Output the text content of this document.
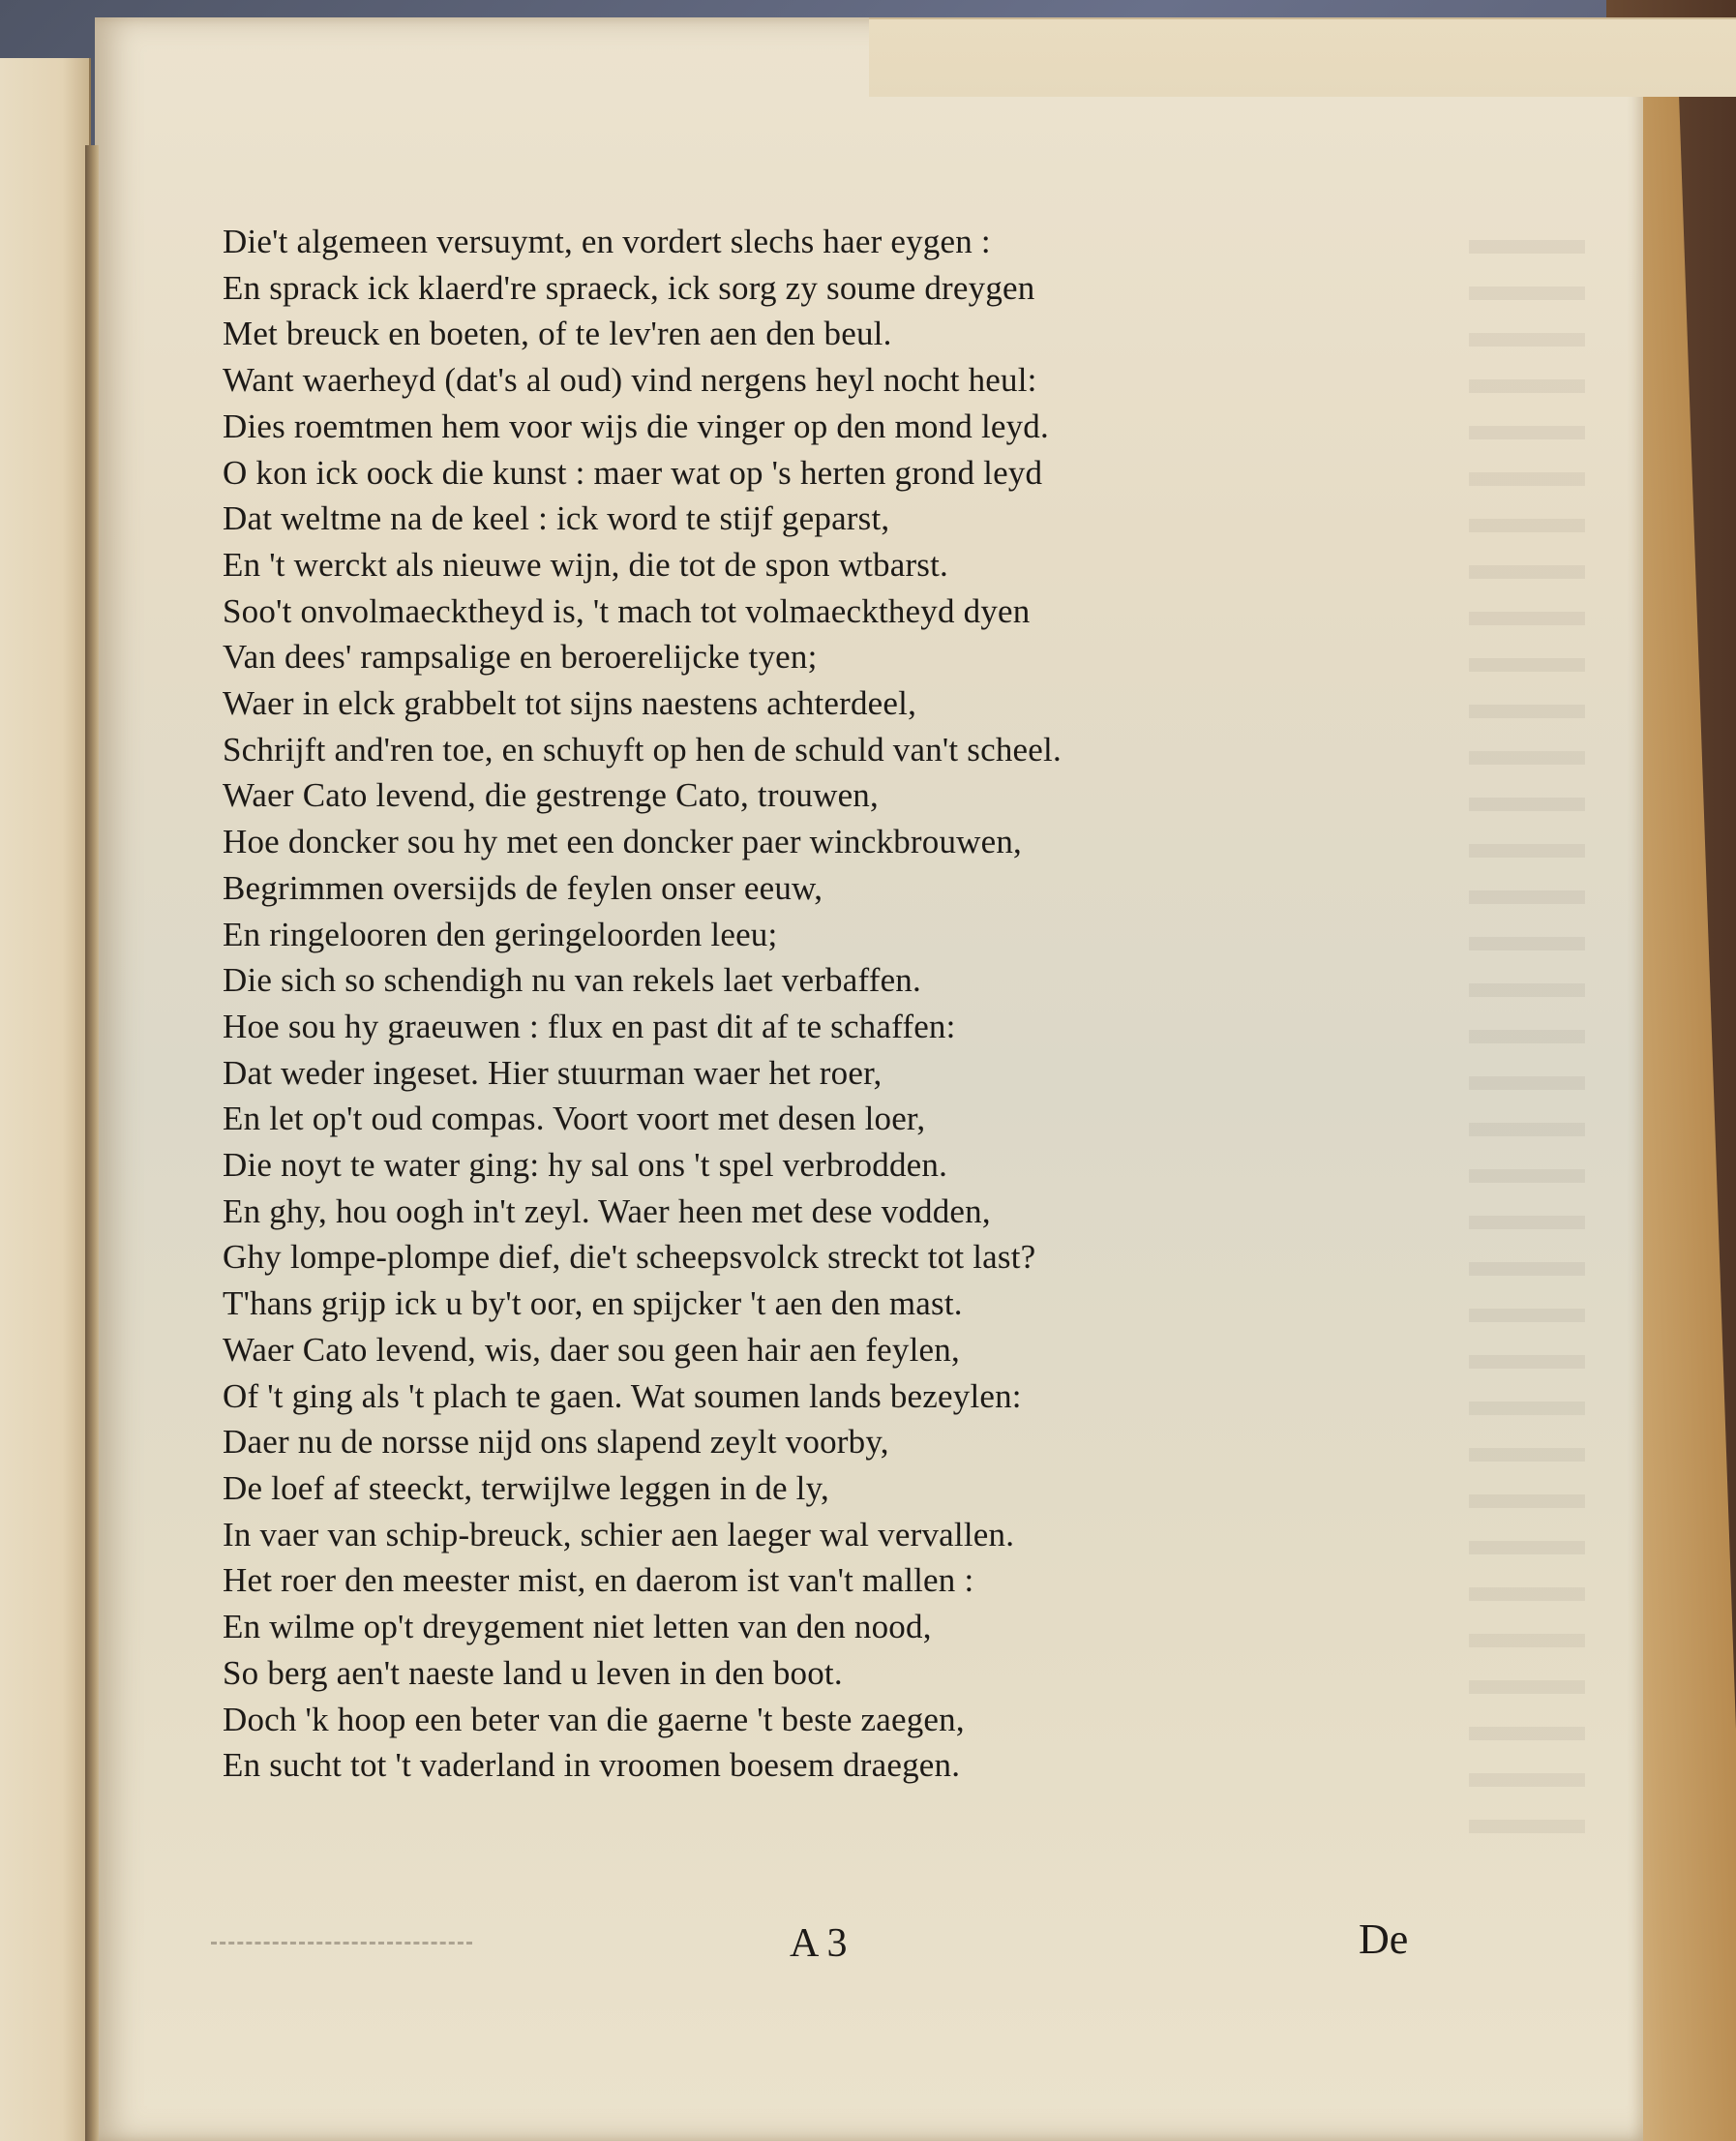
Die't algemeen versuymt, en vordert slechs haer eygen :
En sprack ick klaerd're spraeck, ick sorg zy soume dreygen
Met breuck en boeten, of te lev'ren aen den beul.
Want waerheyd (dat's al oud) vind nergens heyl nocht heul:
Dies roemtmen hem voor wijs die vinger op den mond leyd.
O kon ick oock die kunst : maer wat op 's herten grond leyd
Dat weltme na de keel : ick word te stijf geparst,
En 't werckt als nieuwe wijn, die tot de spon wtbarst.
Soo't onvolmaecktheyd is, 't mach tot volmaecktheyd dyen
Van dees' rampsalige en beroerelijcke tyen;
Waer in elck grabbelt tot sijns naestens achterdeel,
Schrijft and'ren toe, en schuyft op hen de schuld van't scheel.
Waer Cato levend, die gestrenge Cato, trouwen,
Hoe doncker sou hy met een doncker paer winckbrouwen,
Begrimmen oversijds de feylen onser eeuw,
En ringelooren den geringeloorden leeu;
Die sich so schendigh nu van rekels laet verbaffen.
Hoe sou hy graeuwen : flux en past dit af te schaffen:
Dat weder ingeset. Hier stuurman waer het roer,
En let op't oud compas. Voort voort met desen loer,
Die noyt te water ging: hy sal ons 't spel verbrodden.
En ghy, hou oogh in't zeyl. Waer heen met dese vodden,
Ghy lompe-plompe dief, die't scheepsvolck streckt tot last?
T'hans grijp ick u by't oor, en spijcker 't aen den mast.
Waer Cato levend, wis, daer sou geen hair aen feylen,
Of 't ging als 't plach te gaen. Wat soumen lands bezeylen:
Daer nu de norsse nijd ons slapend zeylt voorby,
De loef af steeckt, terwijlwe leggen in de ly,
In vaer van schip-breuck, schier aen laeger wal vervallen.
Het roer den meester mist, en daerom ist van't mallen :
En wilme op't dreygement niet letten van den nood,
So berg aen't naeste land u leven in den boot.
Doch 'k hoop een beter van die gaerne 't beste zaegen,
En sucht tot 't vaderland in vroomen boesem draegen.
A 3	De
